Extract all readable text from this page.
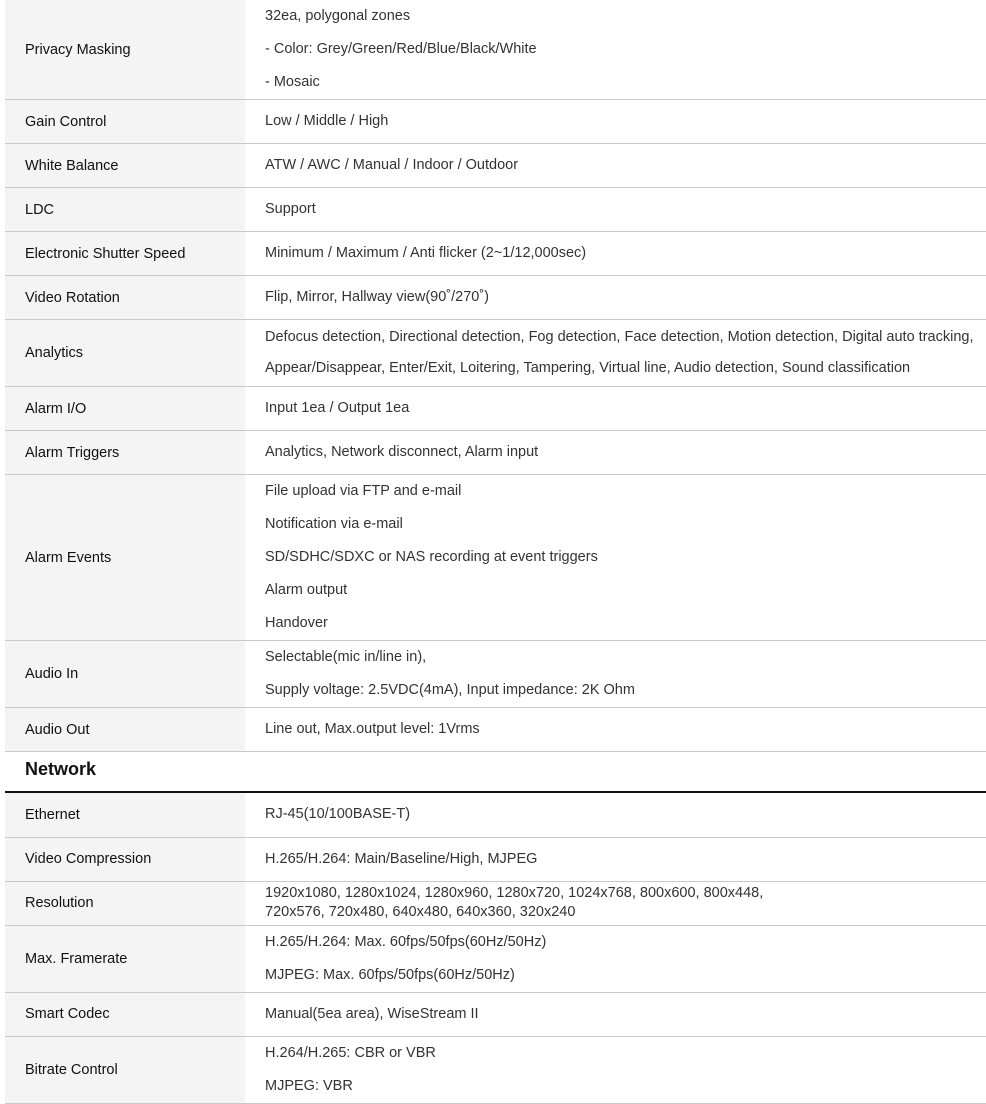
Privacy Masking	32ea, polygonal zones
- Color: Grey/Green/Red/Blue/Black/White
- Mosaic

Gain Control	Low / Middle / High

White Balance	ATW / AWC / Manual / Indoor / Outdoor

LDC	Support

Electronic Shutter Speed	Minimum / Maximum / Anti flicker (2~1/12,000sec)

Video Rotation	Flip, Mirror, Hallway view(90˚/270˚)

Analytics	Defocus detection, Directional detection, Fog detection, Face detection, Motion detection, Digital auto tracking,
Appear/Disappear, Enter/Exit, Loitering, Tampering, Virtual line, Audio detection, Sound classification

Alarm I/O	Input 1ea / Output 1ea

Alarm Triggers	Analytics, Network disconnect, Alarm input

Alarm Events	File upload via FTP and e-mail
Notification via e-mail
SD/SDHC/SDXC or NAS recording at event triggers
Alarm output
Handover

Audio In	Selectable(mic in/line in),
Supply voltage: 2.5VDC(4mA), Input impedance: 2K Ohm

Audio Out	Line out, Max.output level: 1Vrms
Network
Ethernet	RJ-45(10/100BASE-T)

Video Compression	H.265/H.264: Main/Baseline/High, MJPEG

Resolution	1920x1080, 1280x1024, 1280x960, 1280x720, 1024x768, 800x600, 800x448,
720x576, 720x480, 640x480, 640x360, 320x240

Max. Framerate	H.265/H.264: Max. 60fps/50fps(60Hz/50Hz)
MJPEG: Max. 60fps/50fps(60Hz/50Hz)

Smart Codec	Manual(5ea area), WiseStream II

Bitrate Control	H.264/H.265: CBR or VBR
MJPEG: VBR
